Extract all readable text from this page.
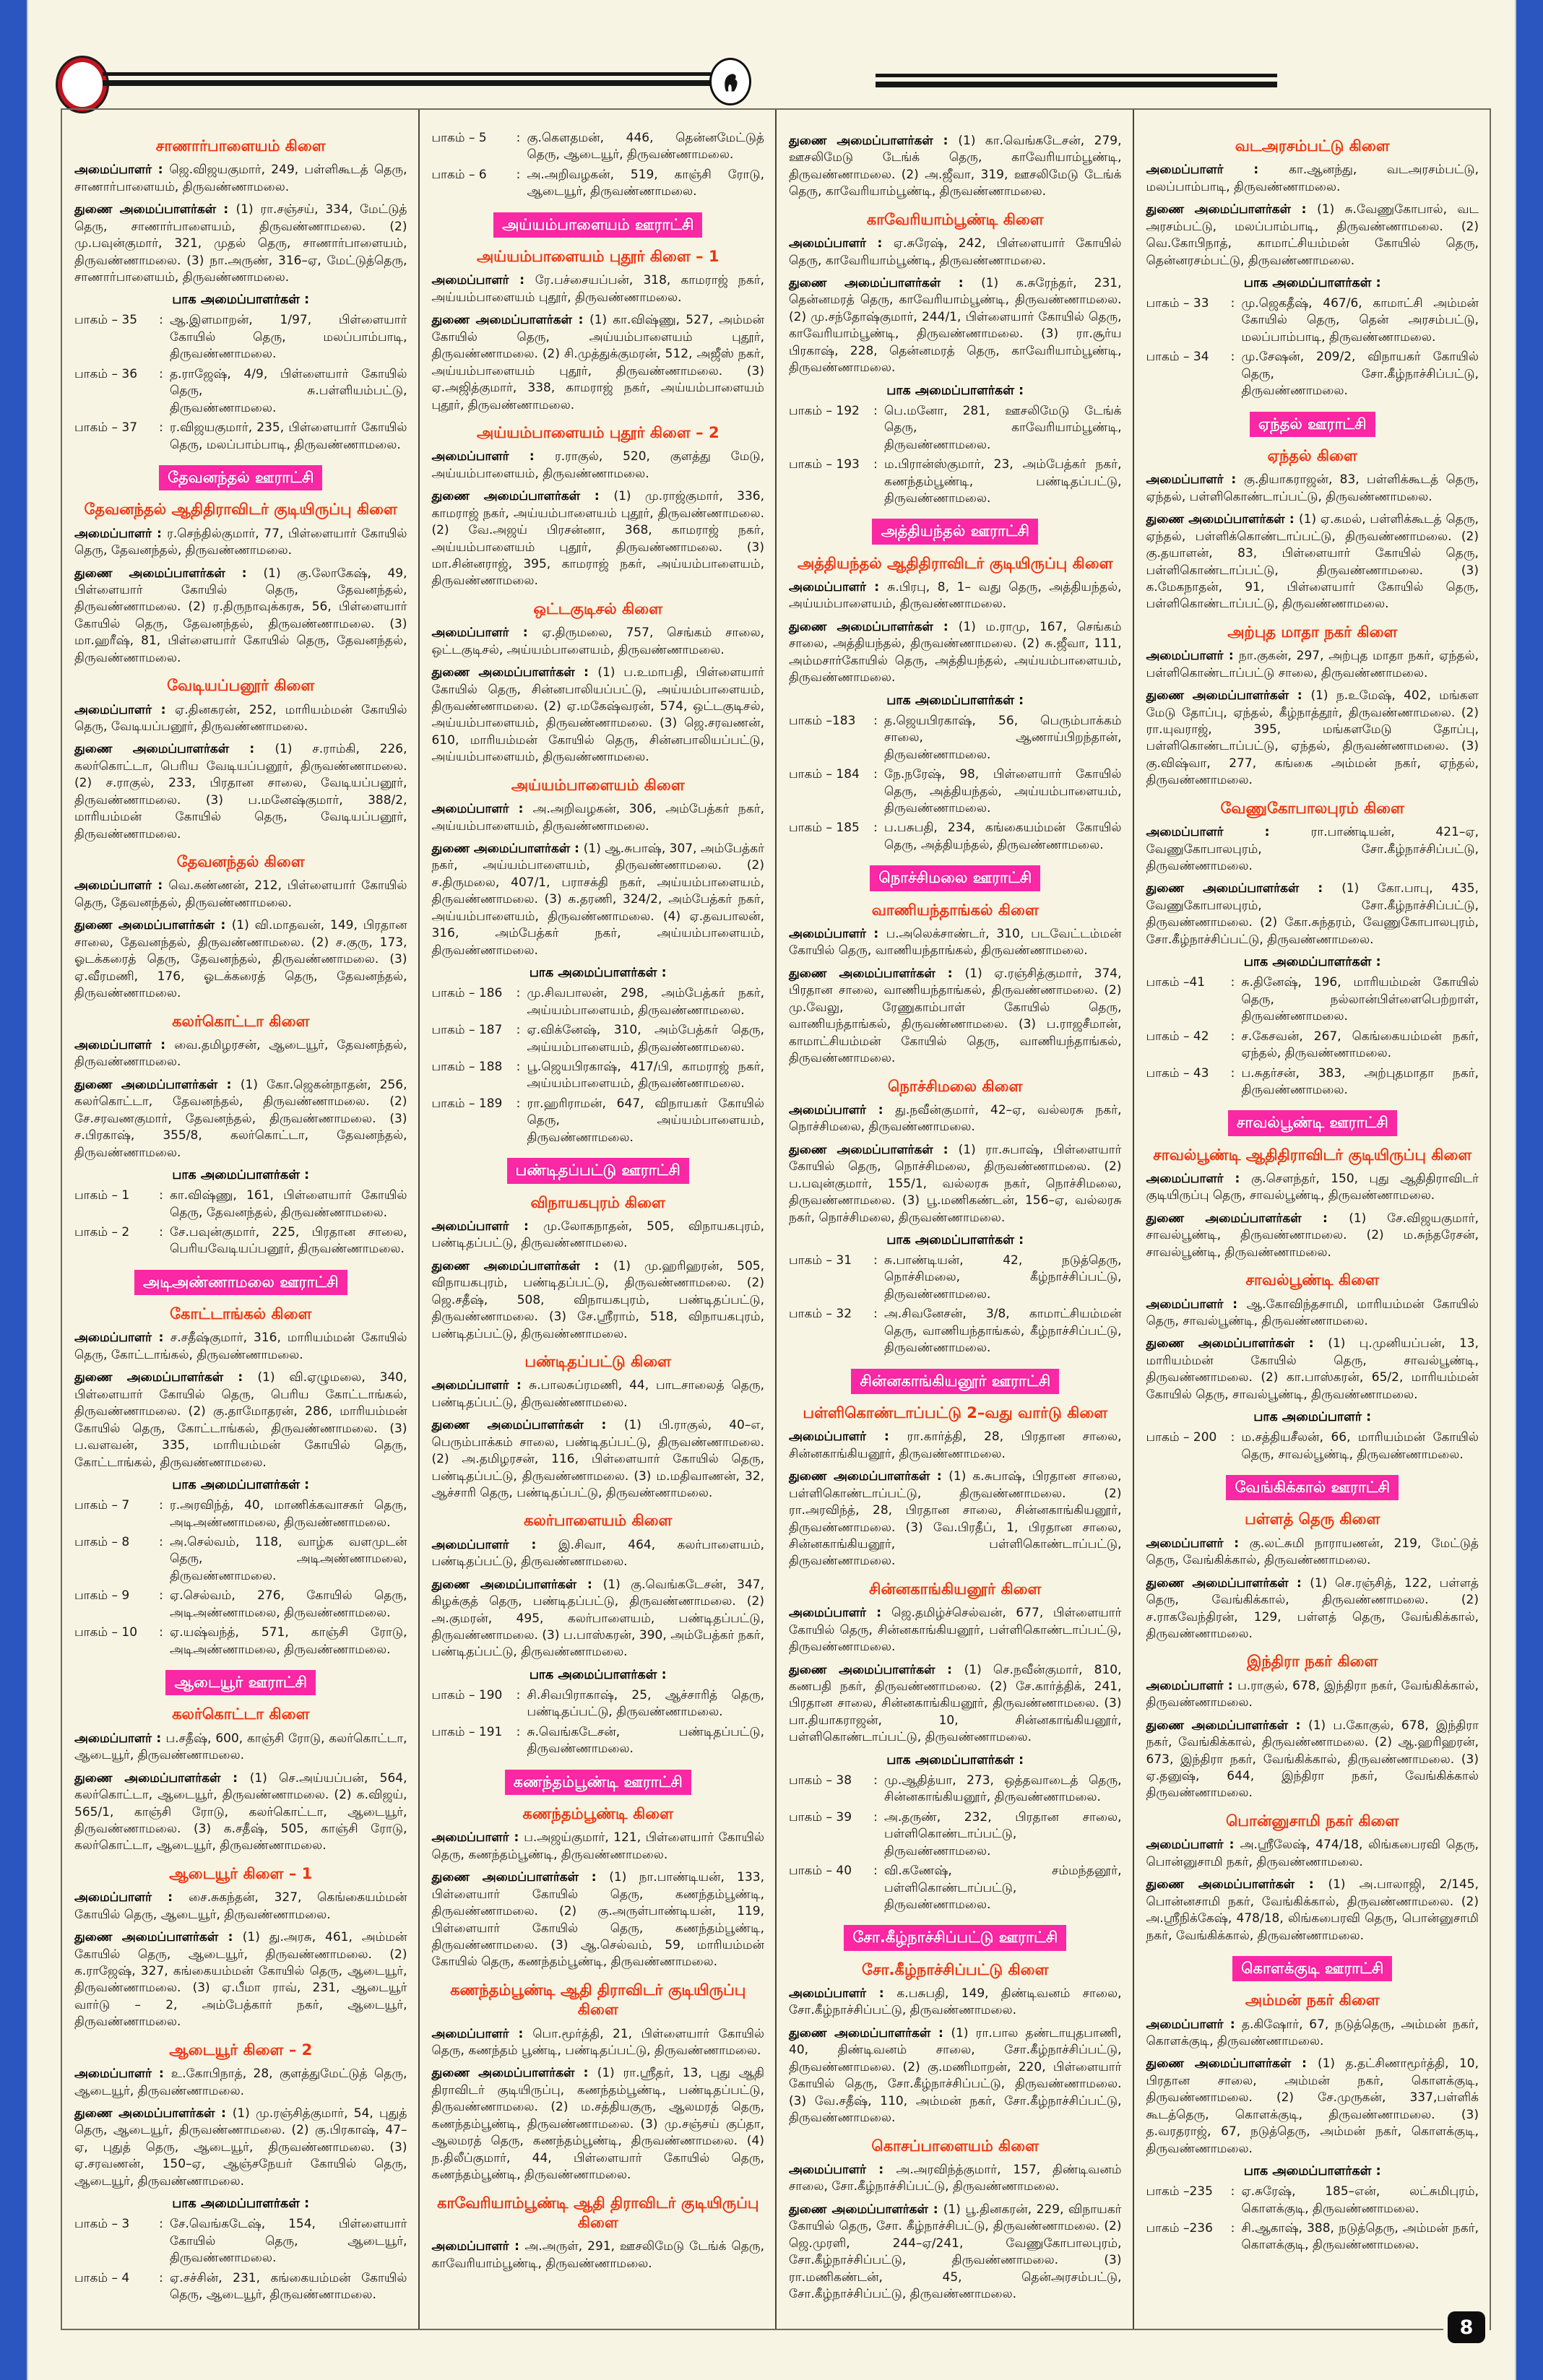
சாணார்பாளையம் கிளை

அமைப்பாளர் : ஜெ.விஜயகுமார், 249, பள்ளிகூடத் தெரு, சாணார்பாளையம், திருவண்ணாமலை.

துணை அமைப்பாளர்கள் : (1) ரா.சஞ்சய், 334, மேட்டுத் தெரு, சாணார்பாளையம், திருவண்ணாமலை. (2) மு.பவுன்குமார், 321, முதல் தெரு, சாணார்பாளையம், திருவண்ணாமலை. (3) நா.அருண், 316–ஏ, மேட்டுத்தெரு, சாணார்பாளையம், திருவண்ணாமலை.

பாக அமைப்பாளர்கள் :
பாகம் – 35	: ஆ.இளமாறன், 1/97, பிள்ளையார் கோயில் தெரு, மலப்பாம்பாடி, திருவண்ணாமலை.
பாகம் – 36	: த.ராஜேஷ், 4/9, பிள்ளையார் கோயில் தெரு, சு.பள்ளியம்பட்டு, திருவண்ணாமலை.
பாகம் – 37	: ர.விஜயகுமார், 235, பிள்ளையார் கோயில் தெரு, மலப்பாம்பாடி, திருவண்ணாமலை.
தேவனந்தல் ஊராட்சி
தேவனந்தல் ஆதிதிராவிடர் குடியிருப்பு கிளை

அமைப்பாளர் : ர.செந்தில்குமார், 77, பிள்ளையார் கோயில் தெரு, தேவனந்தல், திருவண்ணாமலை.

துணை அமைப்பாளர்கள் : (1) கு.லோகேஷ், 49, பிள்ளையார் கோயில் தெரு, தேவனந்தல், திருவண்ணாமலை. (2) ர.திருநாவுக்கரசு, 56, பிள்ளையார் கோயில் தெரு, தேவனந்தல், திருவண்ணாமலை. (3) மா.ஹரீஷ், 81, பிள்ளையார் கோயில் தெரு, தேவனந்தல், திருவண்ணாமலை.

வேடியப்பனூர் கிளை

அமைப்பாளர் : ஏ.தினகரன், 252, மாரியம்மன் கோயில் தெரு, வேடியப்பனூர், திருவண்ணாமலை.

துணை அமைப்பாளர்கள் : (1) ச.ராம்கி, 226, கலர்கொட்டா, பெரிய வேடியப்பனூர், திருவண்ணாமலை. (2) ச.ராகுல், 233, பிரதான சாலை, வேடியப்பனூர், திருவண்ணாமலை. (3) ப.மனேஷ்குமார், 388/2, மாரியம்மன் கோயில் தெரு, வேடியப்பனூர், திருவண்ணாமலை.

தேவனந்தல் கிளை

அமைப்பாளர் : வெ.கண்ணன், 212, பிள்ளையார் கோயில் தெரு, தேவனந்தல், திருவண்ணாமலை.

துணை அமைப்பாளர்கள் : (1) வி.மாதவன், 149, பிரதான சாலை, தேவனந்தல், திருவண்ணாமலை. (2) ச.குரு, 173, ஓடக்கரைத் தெரு, தேவனந்தல், திருவண்ணாமலை. (3) ஏ.வீரமணி, 176, ஓடக்கரைத் தெரு, தேவனந்தல், திருவண்ணாமலை.

கலர்கொட்டா கிளை

அமைப்பாளர் : வை.தமிழரசன், ஆடையூர், தேவனந்தல், திருவண்ணாமலை.

துணை அமைப்பாளர்கள் : (1) கோ.ஜெகன்நாதன், 256, கலர்கொட்டா, தேவனந்தல், திருவண்ணாமலை. (2) சே.சரவணகுமார், தேவனந்தல், திருவண்ணாமலை. (3) ச.பிரகாஷ், 355/8, கலர்கொட்டா, தேவனந்தல், திருவண்ணாமலை.

பாக அமைப்பாளர்கள் :
பாகம் – 1	: கா.விஷ்ணு, 161, பிள்ளையார் கோயில் தெரு, தேவனந்தல், திருவண்ணாமலை.
பாகம் – 2	: சே.பவுன்குமார், 225, பிரதான சாலை, பெரியவேடியப்பனூர், திருவண்ணாமலை.
அடிஅண்ணாமலை ஊராட்சி
கோட்டாங்கல் கிளை

அமைப்பாளர் : ச.சதீஷ்குமார், 316, மாரியம்மன் கோயில் தெரு, கோட்டாங்கல், திருவண்ணாமலை.

துணை அமைப்பாளர்கள் : (1) வி.ஏழுமலை, 340, பிள்ளையார் கோயில் தெரு, பெரிய கோட்டாங்கல், திருவண்ணாமலை. (2) கு.தாமோதரன், 286, மாரியம்மன் கோயில் தெரு, கோட்டாங்கல், திருவண்ணாமலை. (3) ப.வளவன், 335, மாரியம்மன் கோயில் தெரு, கோட்டாங்கல், திருவண்ணாமலை.

பாக அமைப்பாளர்கள் :
பாகம் – 7	: ர.அரவிந்த், 40, மாணிக்கவாசகர் தெரு, அடிஅண்ணாமலை, திருவண்ணாமலை.
பாகம் – 8	: அ.செல்வம், 118, வாழ்க வளமுடன் தெரு, அடிஅண்ணாமலை, திருவண்ணாமலை.
பாகம் – 9	: ஏ.செல்வம், 276, கோயில் தெரு, அடிஅண்ணாமலை, திருவண்ணாமலை.
பாகம் – 10	: ஏ.யஷ்வந்த், 571, காஞ்சி ரோடு, அடிஅண்ணாமலை, திருவண்ணாமலை.
ஆடையூர் ஊராட்சி
கலர்கொட்டா கிளை

அமைப்பாளர் : ப.சதீஷ், 600, காஞ்சி ரோடு, கலர்கொட்டா, ஆடையூர், திருவண்ணாமலை.

துணை அமைப்பாளர்கள் : (1) செ.அய்யப்பன், 564, கலர்கொட்டா, ஆடையூர், திருவண்ணாமலை. (2) க.விஜய், 565/1, காஞ்சி ரோடு, கலர்கொட்டா, ஆடையூர், திருவண்ணாமலை. (3) க.சதீஷ், 505, காஞ்சி ரோடு, கலர்கொட்டா, ஆடையூர், திருவண்ணாமலை.

ஆடையூர் கிளை – 1

அமைப்பாளர் : சை.சுகந்தன், 327, கெங்கையம்மன் கோயில் தெரு, ஆடையூர், திருவண்ணாமலை.

துணை அமைப்பாளர்கள் : (1) து.அரசு, 461, அம்மன் கோயில் தெரு, ஆடையூர், திருவண்ணாமலை. (2) க.ராஜேஷ், 327, கங்கையம்மன் கோயில் தெரு, ஆடையூர், திருவண்ணாமலை. (3) ஏ.பீமா ராவ், 231, ஆடையூர் வார்டு – 2, அம்பேத்கார் நகர், ஆடையூர், திருவண்ணாமலை.

ஆடையூர் கிளை – 2

அமைப்பாளர் : உ.கோபிநாத், 28, குளத்துமேட்டுத் தெரு, ஆடையூர், திருவண்ணாமலை.

துணை அமைப்பாளர்கள் : (1) மு.ரஞ்சித்குமார், 54, புதுத் தெரு, ஆடையூர், திருவண்ணாமலை. (2) கு.பிரகாஷ், 47–ஏ, புதுத் தெரு, ஆடையூர், திருவண்ணாமலை. (3) ஏ.சரவணன், 150–ஏ, ஆஞ்சநேயர் கோயில் தெரு, ஆடையூர், திருவண்ணாமலை.

பாக அமைப்பாளர்கள் :
பாகம் – 3	: சே.வெங்கடேஷ், 154, பிள்ளையார் கோயில் தெரு, ஆடையூர், திருவண்ணாமலை.
பாகம் – 4	: ஏ.சச்சின், 231, கங்கையம்மன் கோயில் தெரு, ஆடையூர், திருவண்ணாமலை.
பாகம் – 5	: கு.கெளதமன், 446, தென்னமேட்டுத் தெரு, ஆடையூர், திருவண்ணாமலை.
பாகம் – 6	: அ.அறிவழகன், 519, காஞ்சி ரோடு, ஆடையூர், திருவண்ணாமலை.
அய்யம்பாளையம் ஊராட்சி
அய்யம்பாளையம் புதூர் கிளை – 1

அமைப்பாளர் : ரே.பச்சையப்பன், 318, காமராஜ் நகர், அய்யம்பாளையம் புதூர், திருவண்ணாமலை.

துணை அமைப்பாளர்கள் : (1) கா.விஷ்ணு, 527, அம்மன் கோயில் தெரு, அய்யம்பாளையம் புதூர், திருவண்ணாமலை. (2) சி.முத்துக்குமரன், 512, அஜீஸ் நகர், அய்யம்பாளையம் புதூர், திருவண்ணாமலை. (3) ஏ.அஜித்குமார், 338, காமராஜ் நகர், அய்யம்பாளையம் புதூர், திருவண்ணாமலை.

அய்யம்பாளையம் புதூர் கிளை – 2

அமைப்பாளர் : ர.ராகுல், 520, குளத்து மேடு, அய்யம்பாளையம், திருவண்ணாமலை.

துணை அமைப்பாளர்கள் : (1) மு.ராஜ்குமார், 336, காமராஜ் நகர், அய்யம்பாளையம் புதூர், திருவண்ணாமலை. (2) வே.அஜய் பிரசன்னா, 368, காமராஜ் நகர், அய்யம்பாளையம் புதூர், திருவண்ணாமலை. (3) மா.சின்னராஜ், 395, காமராஜ் நகர், அய்யம்பாளையம், திருவண்ணாமலை.

ஒட்டகுடிசல் கிளை

அமைப்பாளர் : ஏ.திருமலை, 757, செங்கம் சாலை, ஒட்டகுடிசல், அய்யம்பாளையம், திருவண்ணாமலை.

துணை அமைப்பாளர்கள் : (1) ப.உமாபதி, பிள்ளையார் கோயில் தெரு, சின்னபாலியப்பட்டு, அய்யம்பாளையம், திருவண்ணாமலை. (2) ஏ.மகேஷ்வரன், 574, ஒட்டகுடிசல், அய்யம்பாளையம், திருவண்ணாமலை. (3) ஜெ.சரவணன், 610, மாரியம்மன் கோயில் தெரு, சின்னபாலியப்பட்டு, அய்யம்பாளையம், திருவண்ணாமலை.

அய்யம்பாளையம் கிளை

அமைப்பாளர் : அ.அறிவழகன், 306, அம்பேத்கர் நகர், அய்யம்பாளையம், திருவண்ணாமலை.

துணை அமைப்பாளர்கள் : (1) ஆ.சுபாஷ், 307, அம்பேத்கர் நகர், அய்யம்பாளையம், திருவண்ணாமலை. (2) ச.திருமலை, 407/1, பராசக்தி நகர், அய்யம்பாளையம், திருவண்ணாமலை. (3) க.தரணி, 324/2, அம்பேத்கர் நகர், அய்யம்பாளையம், திருவண்ணாமலை. (4) ஏ.தவபாலன், 316, அம்பேத்கர் நகர், அய்யம்பாளையம், திருவண்ணாமலை.

பாக அமைப்பாளர்கள் :
பாகம் – 186	: மு.சிவபாலன், 298, அம்பேத்கர் நகர், அய்யம்பாளையம், திருவண்ணாமலை.
பாகம் – 187	: ஏ.விக்னேஷ், 310, அம்பேத்கர் தெரு, அய்யம்பாளையம், திருவண்ணாமலை.
பாகம் – 188	: பூ.ஜெயபிரகாஷ், 417/பி, காமராஜ் நகர், அய்யம்பாளையம், திருவண்ணாமலை.
பாகம் – 189	: ரா.ஹரிராமன், 647, விநாயகர் கோயில் தெரு, அய்யம்பாளையம், திருவண்ணாமலை.
பண்டிதப்பட்டு ஊராட்சி
விநாயகபுரம் கிளை

அமைப்பாளர் : மு.லோகநாதன், 505, விநாயகபுரம், பண்டிதப்பட்டு, திருவண்ணாமலை.

துணை அமைப்பாளர்கள் : (1) மு.ஹரிஹரன், 505, விநாயகபுரம், பண்டிதப்பட்டு, திருவண்ணாமலை. (2) ஜெ.சதீஷ், 508, விநாயகபுரம், பண்டிதப்பட்டு, திருவண்ணாமலை. (3) சே.ஸ்ரீராம், 518, விநாயகபுரம், பண்டிதப்பட்டு, திருவண்ணாமலை.

பண்டிதப்பட்டு கிளை

அமைப்பாளர் : சு.பாலசுப்ரமணி, 44, பாடசாலைத் தெரு, பண்டிதப்பட்டு, திருவண்ணாமலை.

துணை அமைப்பாளர்கள் : (1) பி.ராகுல், 40–எ, பெரும்பாக்கம் சாலை, பண்டிதப்பட்டு, திருவண்ணாமலை. (2) அ.தமிழரசன், 116, பிள்ளையார் கோயில் தெரு, பண்டிதப்பட்டு, திருவண்ணாமலை. (3) ம.மதிவாணன், 32, ஆச்சாரி தெரு, பண்டிதப்பட்டு, திருவண்ணாமலை.

கலர்பாளையம் கிளை

அமைப்பாளர் : இ.சிவா, 464, கலர்பாளையம், பண்டிதப்பட்டு, திருவண்ணாமலை.

துணை அமைப்பாளர்கள் : (1) கு.வெங்கடேசன், 347, கிழக்குத் தெரு, பண்டிதப்பட்டு, திருவண்ணாமலை. (2) அ.குமரன், 495, கலர்பாளையம், பண்டிதப்பட்டு, திருவண்ணாமலை. (3) ப.பாஸ்கரன், 390, அம்பேத்கர் நகர், பண்டிதப்பட்டு, திருவண்ணாமலை.

பாக அமைப்பாளர்கள் :
பாகம் – 190	: சி.சிவபிராகாஷ், 25, ஆச்சாரித் தெரு, பண்டிதப்பட்டு, திருவண்ணாமலை.
பாகம் – 191	: சு.வெங்கடேசன், பண்டிதப்பட்டு, திருவண்ணாமலை.
கணந்தம்பூண்டி ஊராட்சி
கணந்தம்பூண்டி கிளை

அமைப்பாளர் : ப.அஜய்குமார், 121, பிள்ளையார் கோயில் தெரு, கணந்தம்பூண்டி, திருவண்ணாமலை.

துணை அமைப்பாளர்கள் : (1) நா.பாண்டியன், 133, பிள்ளையார் கோயில் தெரு, கணந்தம்பூண்டி, திருவண்ணாமலை. (2) கு.அருள்பாண்டியன், 119, பிள்ளையார் கோயில் தெரு, கணந்தம்பூண்டி, திருவண்ணாமலை. (3) ஆ.செல்வம், 59, மாரியம்மன் கோயில் தெரு, கணந்தம்பூண்டி, திருவண்ணாமலை.

கணந்தம்பூண்டி ஆதி திராவிடர் குடியிருப்பு கிளை

அமைப்பாளர் : பொ.மூர்த்தி, 21, பிள்ளையார் கோயில் தெரு, கணந்தம் பூண்டி, பண்டிதப்பட்டு, திருவண்ணாமலை.

துணை அமைப்பாளர்கள் : (1) ரா.ஸ்ரீதர், 13, புது ஆதி திராவிடர் குடியிருப்பு, கணந்தம்பூண்டி, பண்டிதப்பட்டு, திருவண்ணாமலை. (2) ம.சத்தியகுரு, ஆலமரத் தெரு, கணந்தம்பூண்டி, திருவண்ணாமலை. (3) மு.சஞ்சய் குப்தா, ஆலமரத் தெரு, கணந்தம்பூண்டி, திருவண்ணாமலை. (4) ந.திலீப்குமார், 44, பிள்ளையார் கோயில் தெரு, கணந்தம்பூண்டி, திருவண்ணாமலை.

காவேரியாம்பூண்டி ஆதி திராவிடர் குடியிருப்பு கிளை

அமைப்பாளர் : அ.அருள், 291, ஊசலிமேடு டேங்க் தெரு, காவேரியாம்பூண்டி, திருவண்ணாமலை.

துணை அமைப்பாளர்கள் : (1) கா.வெங்கடேசன், 279, ஊசலிமேடு டேங்க் தெரு, காவேரியாம்பூண்டி, திருவண்ணாமலை. (2) அ.ஜீவா, 319, ஊசலிமேடு டேங்க் தெரு, காவேரியாம்பூண்டி, திருவண்ணாமலை.

காவேரியாம்பூண்டி கிளை

அமைப்பாளர் : ஏ.சுரேஷ், 242, பிள்ளையார் கோயில் தெரு, காவேரியாம்பூண்டி, திருவண்ணாமலை.

துணை அமைப்பாளர்கள் : (1) க.சுரேந்தர், 231, தென்னமரத் தெரு, காவேரியாம்பூண்டி, திருவண்ணாமலை. (2) மு.சந்தோஷ்குமார், 244/1, பிள்ளையார் கோயில் தெரு, காவேரியாம்பூண்டி, திருவண்ணாமலை. (3) ரா.சூர்ய பிரகாஷ், 228, தென்னமரத் தெரு, காவேரியாம்பூண்டி, திருவண்ணாமலை.

பாக அமைப்பாளர்கள் :
பாகம் – 192	: பெ.மனோ, 281, ஊசலிமேடு டேங்க் தெரு, காவேரியாம்பூண்டி, திருவண்ணாமலை.
பாகம் – 193	: ம.பிரான்ஸ்குமார், 23, அம்பேத்கர் நகர், கணந்தம்பூண்டி, பண்டிதப்பட்டு, திருவண்ணாமலை.
அத்தியந்தல் ஊராட்சி
அத்தியந்தல் ஆதிதிராவிடர் குடியிருப்பு கிளை

அமைப்பாளர் : சு.பிரபு, 8, 1– வது தெரு, அத்தியந்தல், அய்யம்பாளையம், திருவண்ணாமலை.

துணை அமைப்பாளர்கள் : (1) ம.ராமு, 167, செங்கம் சாலை, அத்தியந்தல், திருவண்ணாமலை. (2) சு.ஜீவா, 111, அம்மசார்கோயில் தெரு, அத்தியந்தல், அய்யம்பாளையம், திருவண்ணாமலை.

பாக அமைப்பாளர்கள் :
பாகம் –183	: த.ஜெயபிரகாஷ், 56, பெரும்பாக்கம் சாலை, ஆணாய்பிறந்தான், திருவண்ணாமலை.
பாகம் – 184	: நே.நரேஷ், 98, பிள்ளையார் கோயில் தெரு, அத்தியந்தல், அய்யம்பாளையம், திருவண்ணாமலை.
பாகம் – 185	: ப.பசுபதி, 234, கங்கையம்மன் கோயில் தெரு, அத்தியந்தல், திருவண்ணாமலை.
நொச்சிமலை ஊராட்சி
வாணியந்தாங்கல் கிளை

அமைப்பாளர் : ப.அலெக்சாண்டர், 310, படவேட்டம்மன் கோயில் தெரு, வாணியந்தாங்கல், திருவண்ணாமலை.

துணை அமைப்பாளர்கள் : (1) ஏ.ரஞ்சித்குமார், 374, பிரதான சாலை, வாணியந்தாங்கல், திருவண்ணாமலை. (2) மு.வேலு, ரேணுகாம்பாள் கோயில் தெரு, வாணியந்தாங்கல், திருவண்ணாமலை. (3) ப.ராஜசீமான், காமாட்சியம்மன் கோயில் தெரு, வாணியந்தாங்கல், திருவண்ணாமலை.

நொச்சிமலை கிளை

அமைப்பாளர் : து.நவீன்குமார், 42–ஏ, வல்லரசு நகர், நொச்சிமலை, திருவண்ணாமலை.

துணை அமைப்பாளர்கள் : (1) ரா.சுபாஷ், பிள்ளையார் கோயில் தெரு, நொச்சிமலை, திருவண்ணாமலை. (2) ப.பவுன்குமார், 155/1, வல்லரசு நகர், நொச்சிமலை, திருவண்ணாமலை. (3) பூ.மணிகண்டன், 156–ஏ, வல்லரசு நகர், நொச்சிமலை, திருவண்ணாமலை.

பாக அமைப்பாளர்கள் :
பாகம் – 31	: சு.பாண்டியன், 42, நடுத்தெரு, நொச்சிமலை, கீழ்நாச்சிப்பட்டு, திருவண்ணாமலை.
பாகம் – 32	: அ.சிவனேசன், 3/8, காமாட்சியம்மன் தெரு, வாணியந்தாங்கல், கீழ்நாச்சிப்பட்டு, திருவண்ணாமலை.
சின்னகாங்கியனூர் ஊராட்சி
பள்ளிகொண்டாப்பட்டு 2–வது வார்டு கிளை

அமைப்பாளர் : ரா.கார்த்தி, 28, பிரதான சாலை, சின்னகாங்கியனூர், திருவண்ணாமலை.

துணை அமைப்பாளர்கள் : (1) க.சுபாஷ், பிரதான சாலை, பள்ளிகொண்டாப்பட்டு, திருவண்ணாமலை. (2) ரா.அரவிந்த், 28, பிரதான சாலை, சின்னகாங்கியனூர், திருவண்ணாமலை. (3) வே.பிரதீப், 1, பிரதான சாலை, சின்னகாங்கியனூர், பள்ளிகொண்டாப்பட்டு, திருவண்ணாமலை.

சின்னகாங்கியனூர் கிளை

அமைப்பாளர் : ஜெ.தமிழ்ச்செல்வன், 677, பிள்ளையார் கோயில் தெரு, சின்னகாங்கியனூர், பள்ளிகொண்டாப்பட்டு, திருவண்ணாமலை.

துணை அமைப்பாளர்கள் : (1) செ.நவீன்குமார், 810, கணபதி நகர், திருவண்ணாமலை. (2) சே.கார்த்திக், 241, பிரதான சாலை, சின்னகாங்கியனூர், திருவண்ணாமலை. (3) பா.தியாகராஜன், 10, சின்னகாங்கியனூர், பள்ளிகொண்டாப்பட்டு, திருவண்ணாமலை.

பாக அமைப்பாளர்கள் :
பாகம் – 38	: மு.ஆதித்யா, 273, ஒத்தவாடைத் தெரு, சின்னகாங்கியனூர், திருவண்ணாமலை.
பாகம் – 39	: அ.தருண், 232, பிரதான சாலை, பள்ளிகொண்டாப்பட்டு, திருவண்ணாமலை.
பாகம் – 40	: வி.கணேஷ், சம்மந்தனூர், பள்ளிகொண்டாப்பட்டு, திருவண்ணாமலை.
சோ.கீழ்நாச்சிப்பட்டு ஊராட்சி
சோ.கீழ்நாச்சிப்பட்டு கிளை

அமைப்பாளர் : க.பசுபதி, 149, திண்டிவனம் சாலை, சோ.கீழ்நாச்சிப்பட்டு, திருவண்ணாமலை.

துணை அமைப்பாளர்கள் : (1) ரா.பால தண்டாயுதபாணி, 40, திண்டிவனம் சாலை, சோ.கீழ்நாச்சிப்பட்டு, திருவண்ணாமலை. (2) கு.மணிமாறன், 220, பிள்ளையார் கோயில் தெரு, சோ.கீழ்நாச்சிப்பட்டு, திருவண்ணாமலை. (3) வே.சதீஷ், 110, அம்மன் நகர், சோ.கீழ்நாச்சிப்பட்டு, திருவண்ணாமலை.

கொசப்பாளையம் கிளை

அமைப்பாளர் : அ.அரவிந்த்குமார், 157, திண்டிவனம் சாலை, சோ.கீழ்நாச்சிப்பட்டு, திருவண்ணாமலை.

துணை அமைப்பாளர்கள் : (1) பூ.தினகரன், 229, விநாயகர் கோயில் தெரு, சோ. கீழ்நாச்சிபட்டு, திருவண்ணாமலை. (2) ஜெ.முரளி, 244–ஏ/241, வேணுகோபாலபுரம், சோ.கீழ்நாச்சிப்பட்டு, திருவண்ணாமலை. (3) ரா.மணிகண்டன், 45, தென்அரசம்பட்டு, சோ.கீழ்நாச்சிப்பட்டு, திருவண்ணாமலை.

வடஅரசம்பட்டு கிளை

அமைப்பாளர் : கா.ஆனந்து, வடஅரசம்பட்டு, மலப்பாம்பாடி, திருவண்ணாமலை.

துணை அமைப்பாளர்கள் : (1) சு.வேணுகோபால், வட அரசம்பட்டு, மலப்பாம்பாடி, திருவண்ணாமலை. (2) வெ.கோபிநாத், காமாட்சியம்மன் கோயில் தெரு, தென்னரசம்பட்டு, திருவண்ணாமலை.

பாக அமைப்பாளர்கள் :
பாகம் – 33	: மு.ஜெகதீஷ், 467/6, காமாட்சி அம்மன் கோயில் தெரு, தென் அரசம்பட்டு, மலப்பாம்பாடி, திருவண்ணாமலை.
பாகம் – 34	: மு.சேஷன், 209/2, விநாயகர் கோயில் தெரு, சோ.கீழ்நாச்சிப்பட்டு, திருவண்ணாமலை.
ஏந்தல் ஊராட்சி
ஏந்தல் கிளை

அமைப்பாளர் : கு.தியாகராஜன், 83, பள்ளிக்கூடத் தெரு, ஏந்தல், பள்ளிகொண்டாப்பட்டு, திருவண்ணாமலை.

துணை அமைப்பாளர்கள் : (1) ஏ.கமல், பள்ளிக்கூடத் தெரு, ஏந்தல், பள்ளிக்கொண்டாப்பட்டு, திருவண்ணாமலை. (2) கு.தயாளன், 83, பிள்ளையார் கோயில் தெரு, பள்ளிகொண்டாப்பட்டு, திருவண்ணாமலை. (3) க.மேகநாதன், 91, பிள்ளையார் கோயில் தெரு, பள்ளிகொண்டாப்பட்டு, திருவண்ணாமலை.

அற்புத மாதா நகர் கிளை

அமைப்பாளர் : நா.குகன், 297, அற்புத மாதா நகர், ஏந்தல், பள்ளிகொண்டாப்பட்டு சாலை, திருவண்ணாமலை.

துணை அமைப்பாளர்கள் : (1) ந.உமேஷ், 402, மங்கள மேடு தோப்பு, ஏந்தல், கீழ்நாத்தூர், திருவண்ணாமலை. (2) ரா.யுவராஜ், 395, மங்களமேடு தோப்பு, பள்ளிகொண்டாப்பட்டு, ஏந்தல், திருவண்ணாமலை. (3) கு.விஷ்வா, 277, கங்கை அம்மன் நகர், ஏந்தல், திருவண்ணாமலை.

வேணுகோபாலபுரம் கிளை

அமைப்பாளர் : ரா.பாண்டியன், 421–ஏ, வேணுகோபாலபுரம், சோ.கீழ்நாச்சிப்பட்டு, திருவண்ணாமலை.

துணை அமைப்பாளர்கள் : (1) கோ.பாபு, 435, வேணுகோபாலபுரம், சோ.கீழ்நாச்சிப்பட்டு, திருவண்ணாமலை. (2) கோ.சுந்தரம், வேணுகோபாலபுரம், சோ.கீழ்நாச்சிப்பட்டு, திருவண்ணாமலை.

பாக அமைப்பாளர்கள் :
பாகம் –41	: சு.தினேஷ், 196, மாரியம்மன் கோயில் தெரு, நல்லான்பிள்ளைபெற்றாள், திருவண்ணாமலை.
பாகம் – 42	: ச.கேசவன், 267, கெங்கையம்மன் நகர், ஏந்தல், திருவண்ணாமலை.
பாகம் – 43	: ப.சுதர்சன், 383, அற்புதமாதா நகர், திருவண்ணாமலை.
சாவல்பூண்டி ஊராட்சி
சாவல்பூண்டி ஆதிதிராவிடர் குடியிருப்பு கிளை

அமைப்பாளர் : கு.சௌந்தர், 150, புது ஆதிதிராவிடர் குடியிருப்பு தெரு, சாவல்பூண்டி, திருவண்ணாமலை.

துணை அமைப்பாளர்கள் : (1) சே.விஜயகுமார், சாவல்பூண்டி, திருவண்ணாமலை. (2) ம.சுந்தரேசன், சாவல்பூண்டி, திருவண்ணாமலை.

சாவல்பூண்டி கிளை

அமைப்பாளர் : ஆ.கோவிந்தசாமி, மாரியம்மன் கோயில் தெரு, சாவல்பூண்டி, திருவண்ணாமலை.

துணை அமைப்பாளர்கள் : (1) பு.முனியப்பன், 13, மாரியம்மன் கோயில் தெரு, சாவல்பூண்டி, திருவண்ணாமலை. (2) கா.பாஸ்கரன், 65/2, மாரியம்மன் கோயில் தெரு, சாவல்பூண்டி, திருவண்ணாமலை.

பாக அமைப்பாளர் :
பாகம் – 200	: ம.சத்தியசீலன், 66, மாரியம்மன் கோயில் தெரு, சாவல்பூண்டி, திருவண்ணாமலை.
வேங்கிக்கால் ஊராட்சி
பள்ளத் தெரு கிளை

அமைப்பாளர் : கு.லட்சுமி நாராயணன், 219, மேட்டுத் தெரு, வேங்கிக்கால், திருவண்ணாமலை.

துணை அமைப்பாளர்கள் : (1) செ.ரஞ்சித், 122, பள்ளத் தெரு, வேங்கிக்கால், திருவண்ணாமலை. (2) ச.ராகவேந்திரன், 129, பள்ளத் தெரு, வேங்கிக்கால், திருவண்ணாமலை.

இந்திரா நகர் கிளை

அமைப்பாளர் : ப.ராகுல், 678, இந்திரா நகர், வேங்கிக்கால், திருவண்ணாமலை.

துணை அமைப்பாளர்கள் : (1) ப.கோகுல், 678, இந்திரா நகர், வேங்கிக்கால், திருவண்ணாமலை. (2) ஆ.ஹரிஹரன், 673, இந்திரா நகர், வேங்கிக்கால், திருவண்ணாமலை. (3) ஏ.தனுஷ், 644, இந்திரா நகர், வேங்கிக்கால் திருவண்ணாமலை.

பொன்னுசாமி நகர் கிளை

அமைப்பாளர் : அ.ஸ்ரீலேஷ், 474/18, லிங்கபைரவி தெரு, பொன்னுசாமி நகர், திருவண்ணாமலை.

துணை அமைப்பாளர்கள் : (1) அ.பாலாஜி, 2/145, பொன்னசாமி நகர், வேங்கிக்கால், திருவண்ணாமலை. (2) அ.ஸ்ரீநிக்கேஷ், 478/18, லிங்கபைரவி தெரு, பொன்னுசாமி நகர், வேங்கிக்கால், திருவண்ணாமலை.

கொளக்குடி ஊராட்சி
அம்மன் நகர் கிளை

அமைப்பாளர் : த.கிஷோர், 67, நடுத்தெரு, அம்மன் நகர், கொளக்குடி, திருவண்ணாமலை.

துணை அமைப்பாளர்கள் : (1) த.தட்சிணாமூர்த்தி, 10, பிரதான சாலை, அம்மன் நகர், கொளக்குடி, திருவண்ணாமலை. (2) சே.முருகன், 337,பள்ளிக் கூடத்தெரு, கொளக்குடி, திருவண்ணாமலை. (3) த.வரதராஜ், 67, நடுத்தெரு, அம்மன் நகர், கொளக்குடி, திருவண்ணாமலை.

பாக அமைப்பாளர்கள் :
பாகம் –235	: ஏ.சுரேஷ், 185–என், லட்சுமிபுரம், கொளக்குடி, திருவண்ணாமலை.
பாகம் –236	: சி.ஆகாஷ், 388, நடுத்தெரு, அம்மன் நகர், கொளக்குடி, திருவண்ணாமலை.
8
